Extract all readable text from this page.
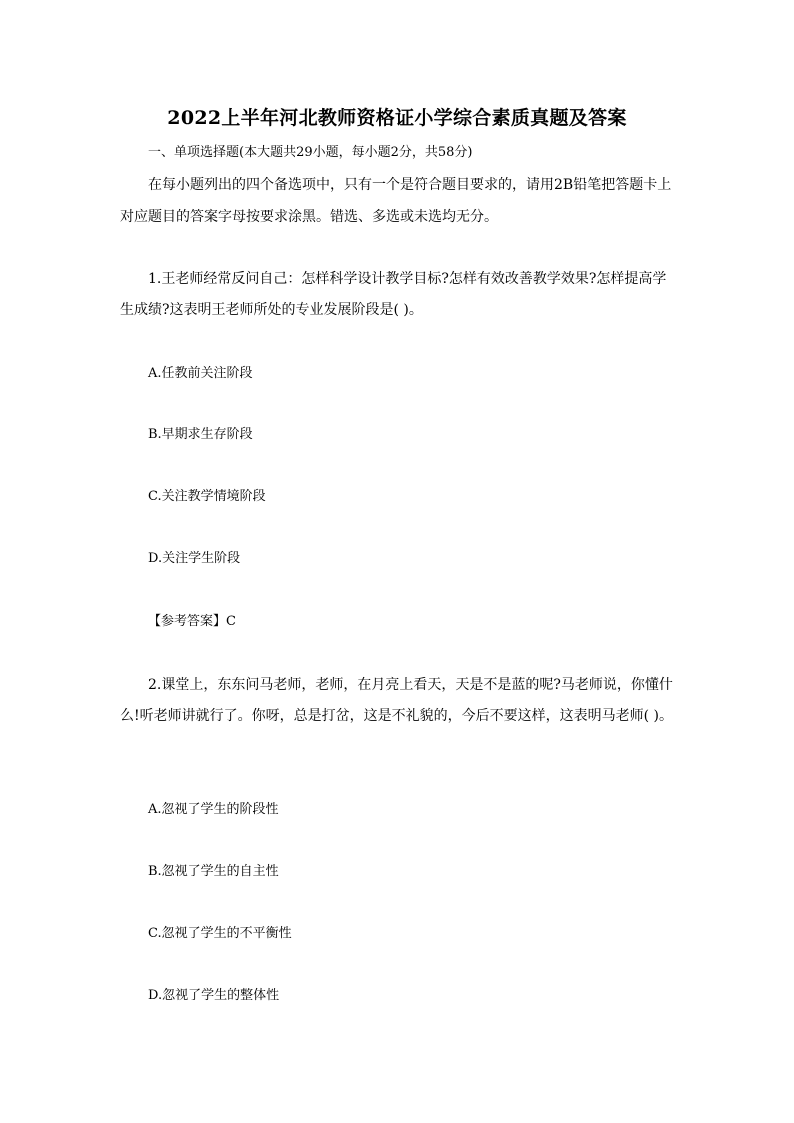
2022上半年河北教师资格证小学综合素质真题及答案
一、单项选择题(本大题共29小题，每小题2分，共58分)
在每小题列出的四个备选项中，只有一个是符合题目要求的，请用2B铅笔把答题卡上
对应题目的答案字母按要求涂黑。错选、多选或未选均无分。
1.王老师经常反问自己：怎样科学设计教学目标?怎样有效改善教学效果?怎样提高学
生成绩?这表明王老师所处的专业发展阶段是( )。
A.任教前关注阶段
B.早期求生存阶段
C.关注教学情境阶段
D.关注学生阶段
【参考答案】C
2.课堂上，东东问马老师，老师，在月亮上看天，天是不是蓝的呢?马老师说，你懂什
么!听老师讲就行了。你呀，总是打岔，这是不礼貌的，今后不要这样，这表明马老师( )。
A.忽视了学生的阶段性
B.忽视了学生的自主性
C.忽视了学生的不平衡性
D.忽视了学生的整体性
